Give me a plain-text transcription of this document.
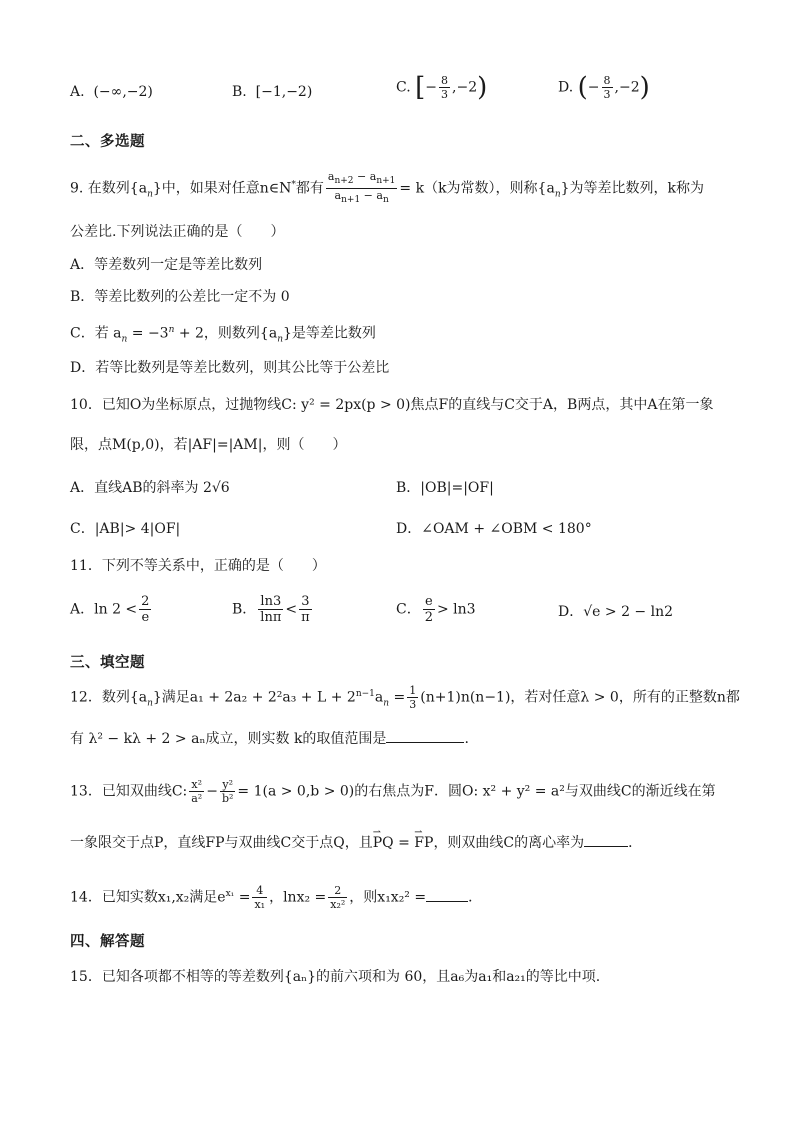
A. (−∞,−2)	B. [−1,−2)	C. [− $\frac{8}{3} ,-2$)	D. (− $\frac{8}{3} ,-2$)
二、多选题
9. 在数列$\{a_n\}$中，如果对任意n∈N*都有 $\frac{a_{n+2} - a_{n+1}}{a_{n+1} - a_n} = k(k$为常数），则称$\{a_n\}$为等差比数列，k称为
公差比.下列说法正确的是（　　）
A．等差数列一定是等差比数列
B．等差比数列的公差比一定不为 0
C．若 $a_n = -3^n + 2$，则数列$\{a_n\}$是等差比数列
D．若等比数列是等差比数列，则其公比等于公差比
10．已知O为坐标原点，过抛物线C: y² = 2px(p > 0)焦点F的直线与C交于A，B两点，其中A在第一象
限，点M(p,0)，若|AF|=|AM|，则（　　）
A．直线AB的斜率为 2√6	B．|OB|=|OF|
C．|AB|> 4|OF|	D．∠OAM + ∠OBM < 180°
11．下列不等关系中，正确的是（　　）
A．$\ln 2 < \frac{2}{e}$	B． $\frac{\ln 3}{\ln\pi} < \frac{3}{\pi}$	C． $\frac{e}{2} > \ln 3$	D．√e > 2 − ln2
三、填空题
12．数列$\{a_n\}$满足$a_1 + 2a_2 + 2^2a_3 + L + 2^{n-1}a_n = \frac{1}{3} (n+1)n(n-1)$，若对任意λ > 0，所有的正整数n都
有 λ² − kλ + 2 > aₙ成立，则实数 k的取值范围是	.
13．已知双曲线C: $\frac{\text{x²}}{\text{a²}} - \frac{\text{y²}}{\text{b²}} = 1(a > 0,b > 0)$的右焦点为F．圆O: x² + y² = a²与双曲线C的渐近线在第
一象限交于点P，直线FP与双曲线C交于点Q，且⇀ PQ = ⇀ FP，则双曲线C的离心率为	．
14．已知实数x₁,x₂满足$e^{x_1} = \frac{4}{\text{x₁}}$ ，$\ln x_2 = \frac{2}{\text{x₂²}}$ ，则x₁x₂² =	．
四、解答题
15．已知各项都不相等的等差数列{aₙ}的前六项和为 60，且a₆为a₁和a₂₁的等比中项.
